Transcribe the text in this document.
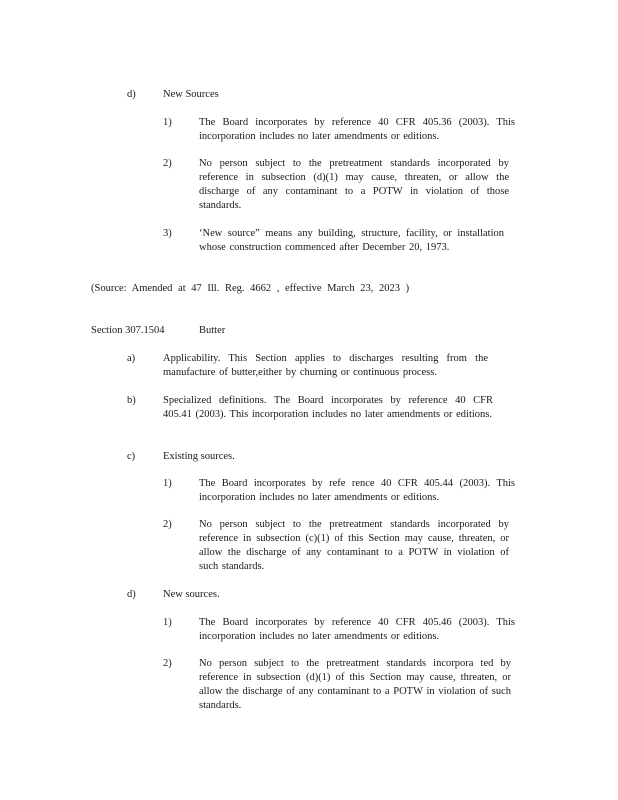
d)	New Sources
1)	The Board incorporates by reference 40 CFR 405.36 (2003). This incorporation includes no later amendments or editions.
2)	No person subject to the pretreatment standards incorporated by reference in subsection (d)(1) may cause, threaten, or allow the discharge of any contaminant to a POTW in violation of those standards.
3)	‘New source” means any building, structure, facility, or installation whose construction commenced after December 20, 1973.
(Source: Amended at 47 Ill. Reg. 4662 , effective March 23, 2023 )
Section 307.1504	Butter
a)	Applicability. This Section applies to discharges resulting from the manufacture of butter,either by churning or continuous process.
b)	Specialized definitions. The Board incorporates by reference 40 CFR 405.41 (2003). This incorporation includes no later amendments or editions.
c)	Existing sources.
1)	The Board incorporates by refe rence 40 CFR 405.44 (2003). This incorporation includes no later amendments or editions.
2)	No person subject to the pretreatment standards incorporated by reference in subsection (c)(1) of this Section may cause, threaten, or allow the discharge of any contaminant to a POTW in violation of such standards.
d)	New sources.
1)	The Board incorporates by reference 40 CFR 405.46 (2003). This incorporation includes no later amendments or editions.
2)	No person subject to the pretreatment standards incorpora ted by reference in subsection (d)(1) of this Section may cause, threaten, or allow the discharge of any contaminant to a POTW in violation of such standards.
